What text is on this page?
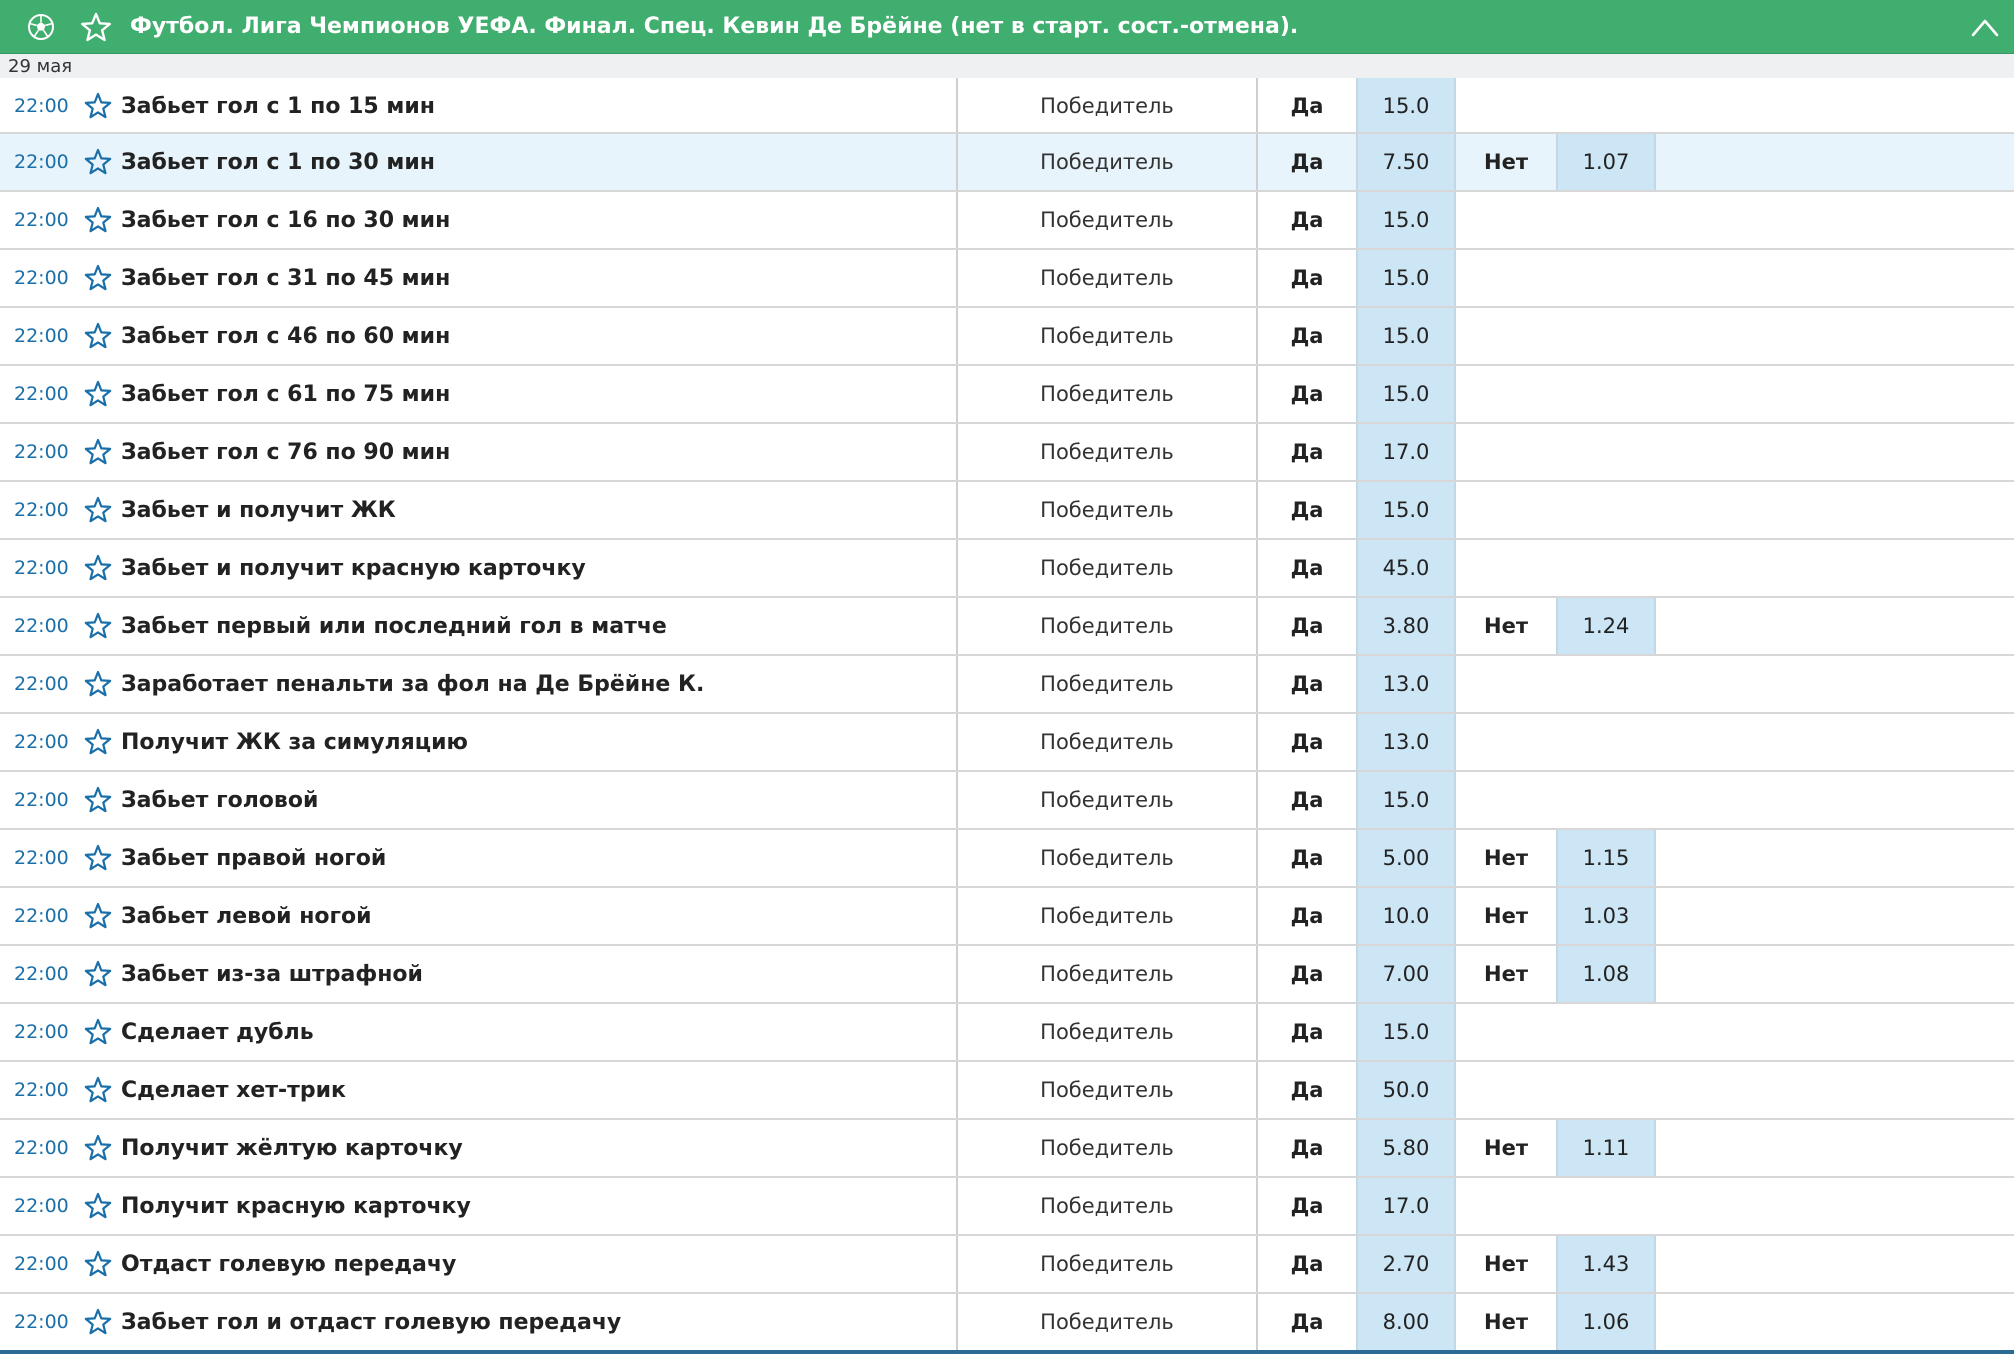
Футбол. Лига Чемпионов УЕФА. Финал. Спец. Кевин Де Брёйне (нет в старт. сост.-отмена).
29 мая
22:00 Забьет гол с 1 по 15 мин	Победитель	Да	15.0
22:00 Забьет гол с 1 по 30 мин	Победитель	Да	7.50	Нет	1.07
22:00 Забьет гол с 16 по 30 мин	Победитель	Да	15.0
22:00 Забьет гол с 31 по 45 мин	Победитель	Да	15.0
22:00 Забьет гол с 46 по 60 мин	Победитель	Да	15.0
22:00 Забьет гол с 61 по 75 мин	Победитель	Да	15.0
22:00 Забьет гол с 76 по 90 мин	Победитель	Да	17.0
22:00 Забьет и получит ЖК	Победитель	Да	15.0
22:00 Забьет и получит красную карточку	Победитель	Да	45.0
22:00 Забьет первый или последний гол в матче	Победитель	Да	3.80	Нет	1.24
22:00 Заработает пенальти за фол на Де Брёйне К.	Победитель	Да	13.0
22:00 Получит ЖК за симуляцию	Победитель	Да	13.0
22:00 Забьет головой	Победитель	Да	15.0
22:00 Забьет правой ногой	Победитель	Да	5.00	Нет	1.15
22:00 Забьет левой ногой	Победитель	Да	10.0	Нет	1.03
22:00 Забьет из-за штрафной	Победитель	Да	7.00	Нет	1.08
22:00 Сделает дубль	Победитель	Да	15.0
22:00 Сделает хет-трик	Победитель	Да	50.0
22:00 Получит жёлтую карточку	Победитель	Да	5.80	Нет	1.11
22:00 Получит красную карточку	Победитель	Да	17.0
22:00 Отдаст голевую передачу	Победитель	Да	2.70	Нет	1.43
22:00 Забьет гол и отдаст голевую передачу	Победитель	Да	8.00	Нет	1.06
